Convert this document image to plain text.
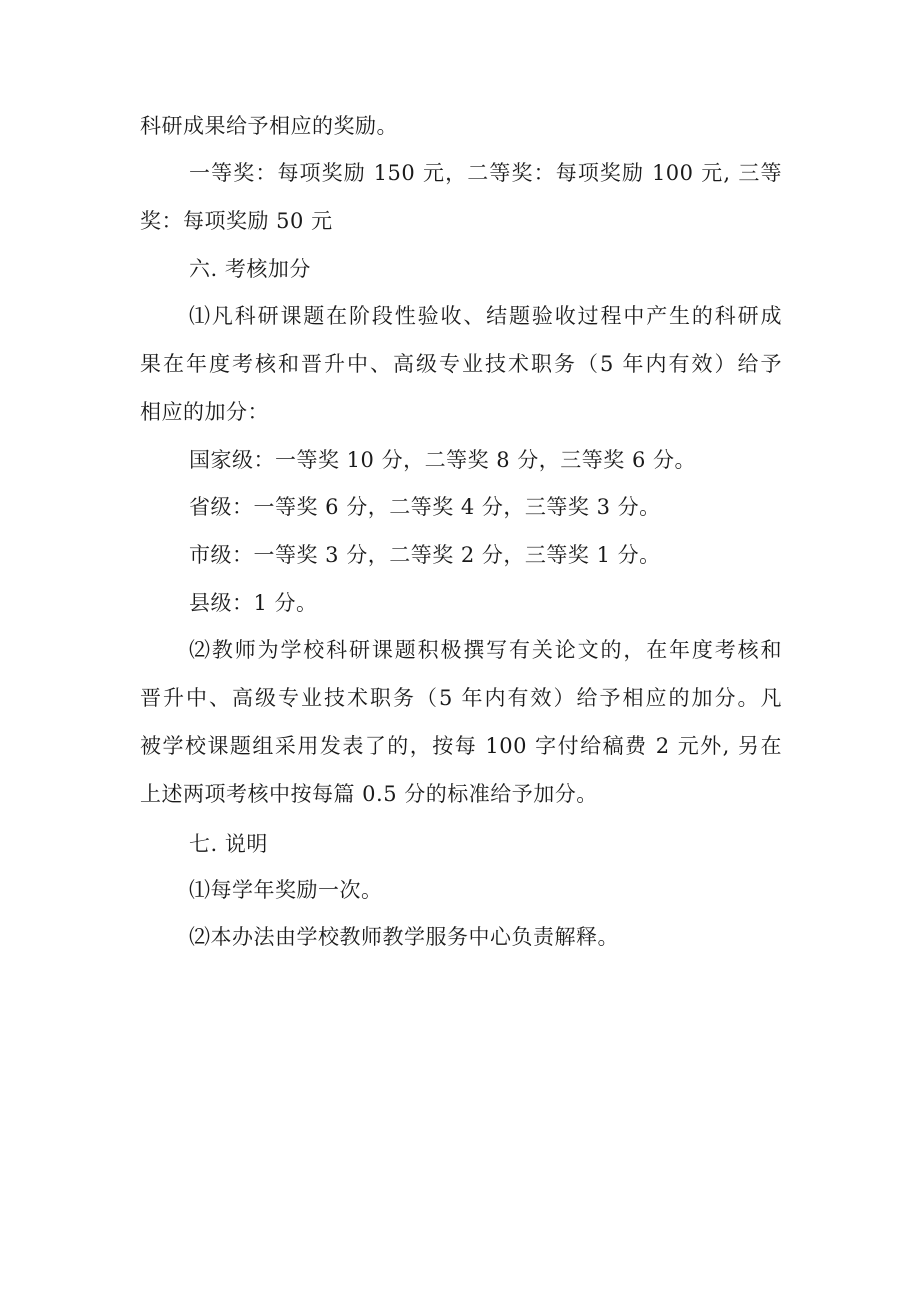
科研成果给予相应的奖励。
一等奖：每项奖励 150 元，二等奖：每项奖励 100 元, 三等
奖：每项奖励 50 元
六. 考核加分
⑴凡科研课题在阶段性验收、结题验收过程中产生的科研成
果在年度考核和晋升中、高级专业技术职务（5 年内有效）给予
相应的加分：
国家级：一等奖 10 分，二等奖 8 分，三等奖 6 分。
省级：一等奖 6 分，二等奖 4 分，三等奖 3 分。
市级：一等奖 3 分，二等奖 2 分，三等奖 1 分。
县级：1 分。
⑵教师为学校科研课题积极撰写有关论文的，在年度考核和
晋升中、高级专业技术职务（5 年内有效）给予相应的加分。凡
被学校课题组采用发表了的，按每 100 字付给稿费 2 元外, 另在
上述两项考核中按每篇 0.5 分的标准给予加分。
七. 说明
⑴每学年奖励一次。
⑵本办法由学校教师教学服务中心负责解释。
